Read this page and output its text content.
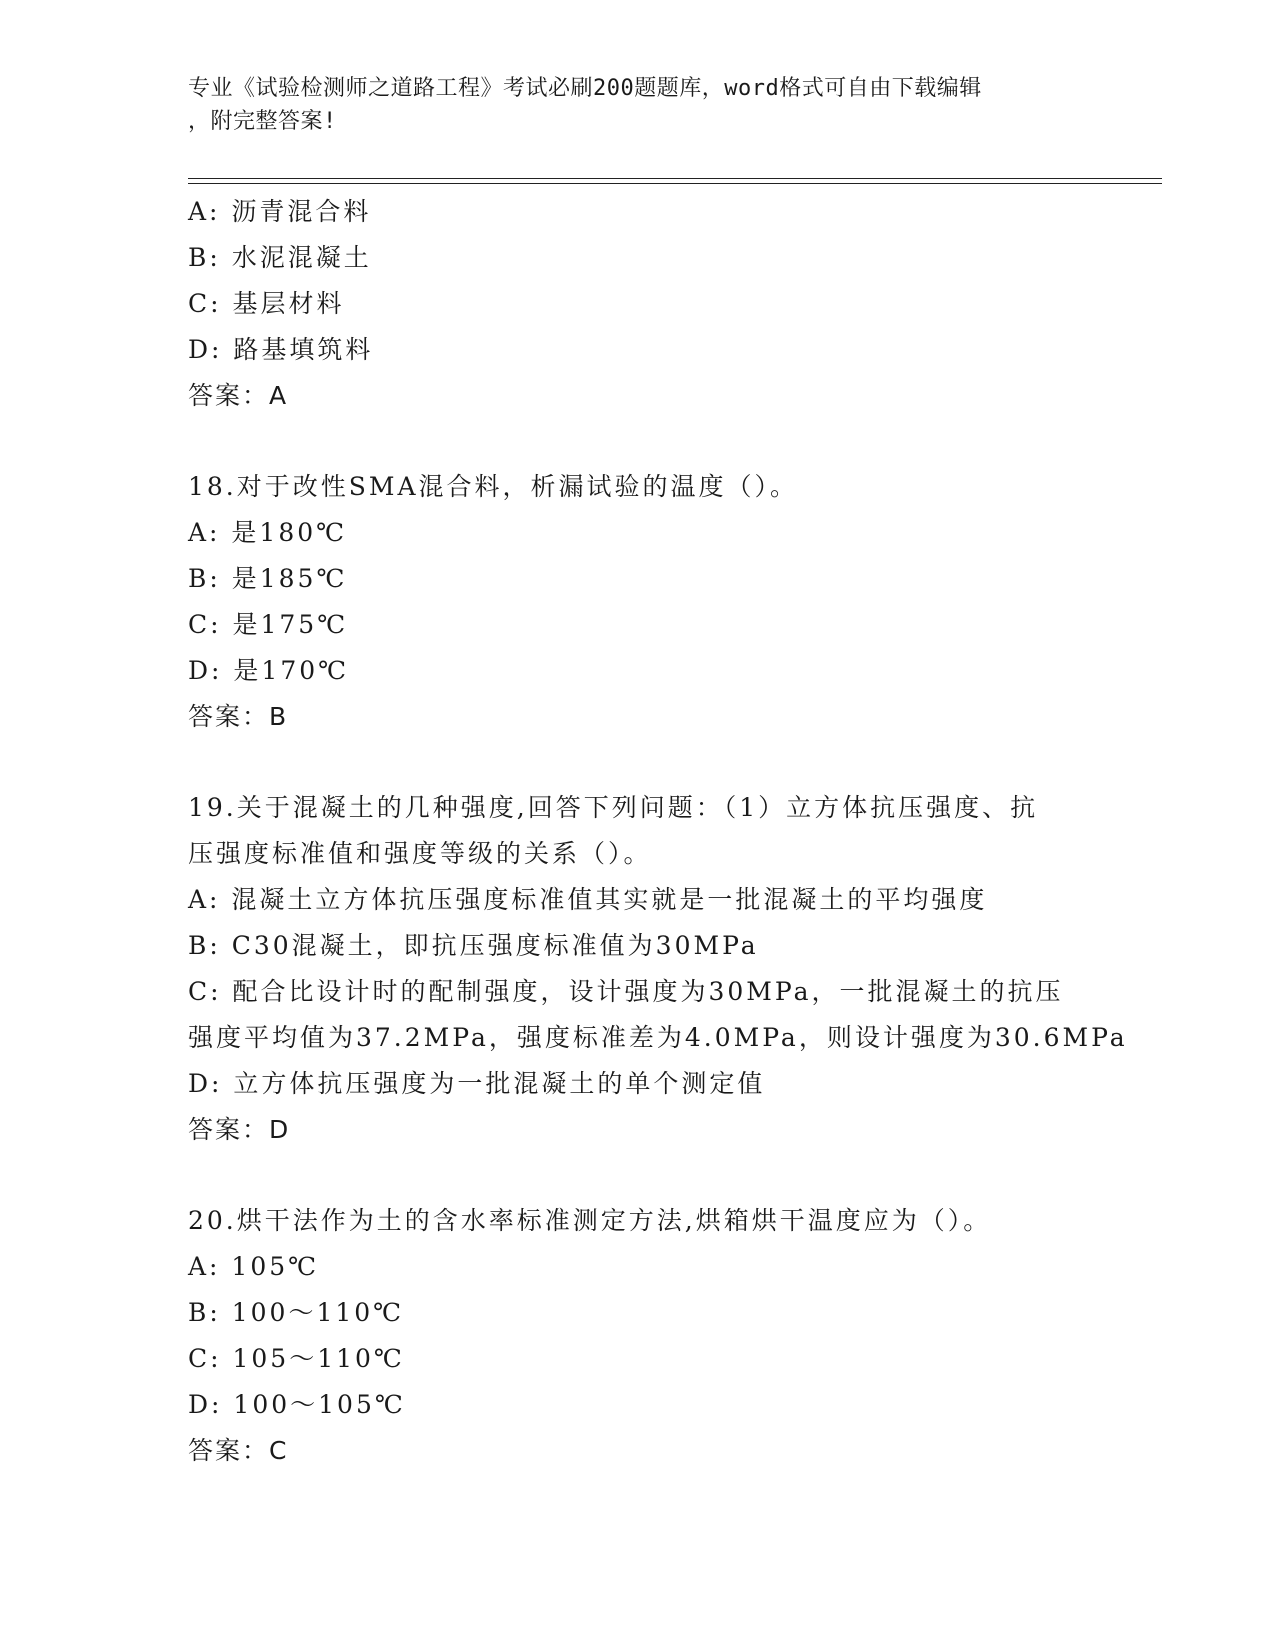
专业《试验检测师之道路工程》考试必刷200题题库，word格式可自由下载编辑
，附完整答案!
A: 沥青混合料
B: 水泥混凝土
C: 基层材料
D: 路基填筑料
答案：A
18.对于改性SMA混合料，析漏试验的温度（）。
A: 是180℃
B: 是185℃
C: 是175℃
D: 是170℃
答案：B
19.关于混凝土的几种强度,回答下列问题：（1）立方体抗压强度、抗
压强度标准值和强度等级的关系（）。
A: 混凝土立方体抗压强度标准值其实就是一批混凝土的平均强度
B: C30混凝土，即抗压强度标准值为30MPa
C: 配合比设计时的配制强度，设计强度为30MPa，一批混凝土的抗压
强度平均值为37.2MPa，强度标准差为4.0MPa，则设计强度为30.6MPa
D: 立方体抗压强度为一批混凝土的单个测定值
答案：D
20.烘干法作为土的含水率标准测定方法,烘箱烘干温度应为（）。
A: 105℃
B: 100～110℃
C: 105～110℃
D: 100～105℃
答案：C
